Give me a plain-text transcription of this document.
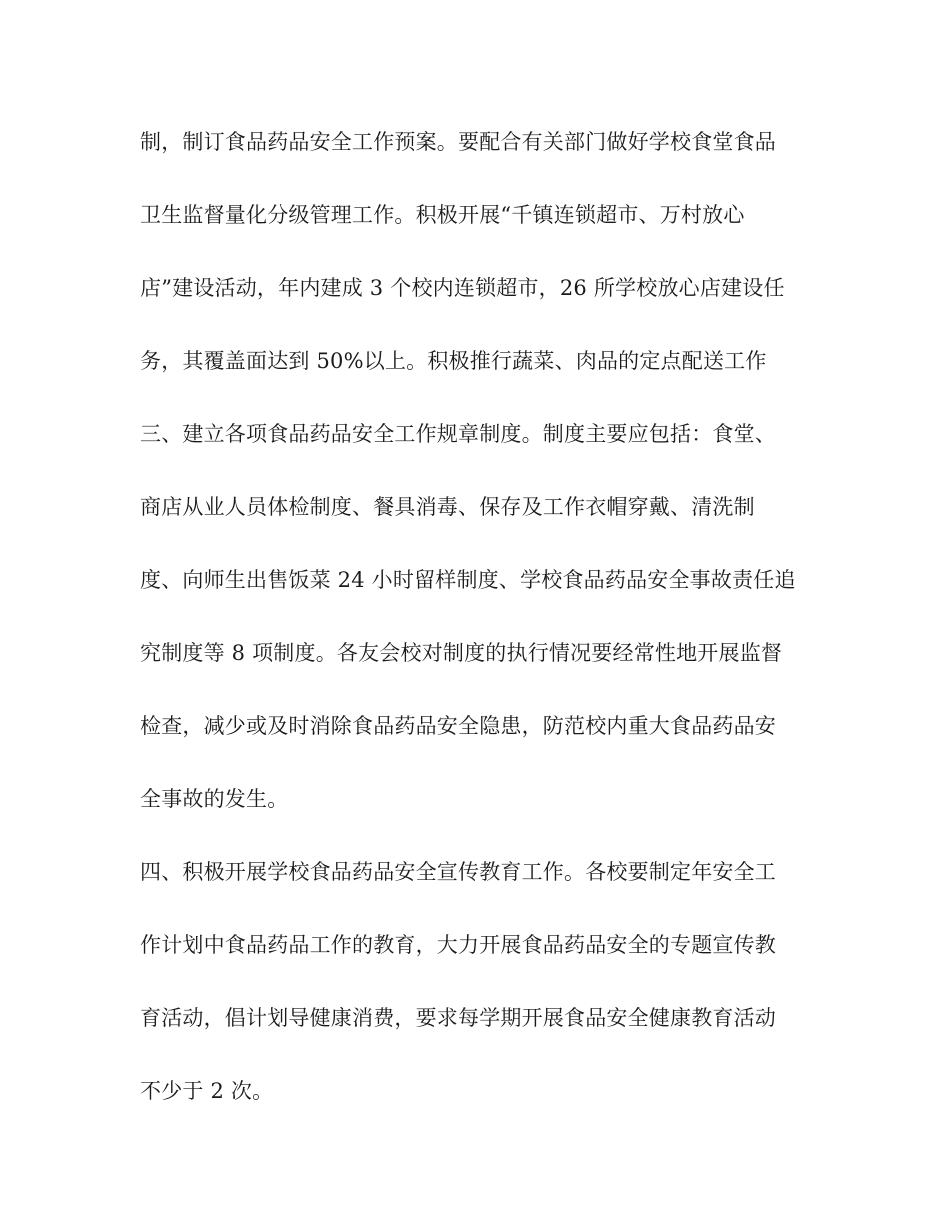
制，制订食品药品安全工作预案。要配合有关部门做好学校食堂食品
卫生监督量化分级管理工作。积极开展“千镇连锁超市、万村放心
店”建设活动，年内建成 3 个校内连锁超市，26 所学校放心店建设任
务，其覆盖面达到 50%以上。积极推行蔬菜、肉品的定点配送工作
三、建立各项食品药品安全工作规章制度。制度主要应包括：食堂、
商店从业人员体检制度、餐具消毒、保存及工作衣帽穿戴、清洗制
度、向师生出售饭菜 24 小时留样制度、学校食品药品安全事故责任追
究制度等 8 项制度。各友会校对制度的执行情况要经常性地开展监督
检查，减少或及时消除食品药品安全隐患，防范校内重大食品药品安
全事故的发生。
四、积极开展学校食品药品安全宣传教育工作。各校要制定年安全工
作计划中食品药品工作的教育，大力开展食品药品安全的专题宣传教
育活动，倡计划导健康消费，要求每学期开展食品安全健康教育活动
不少于 2 次。
